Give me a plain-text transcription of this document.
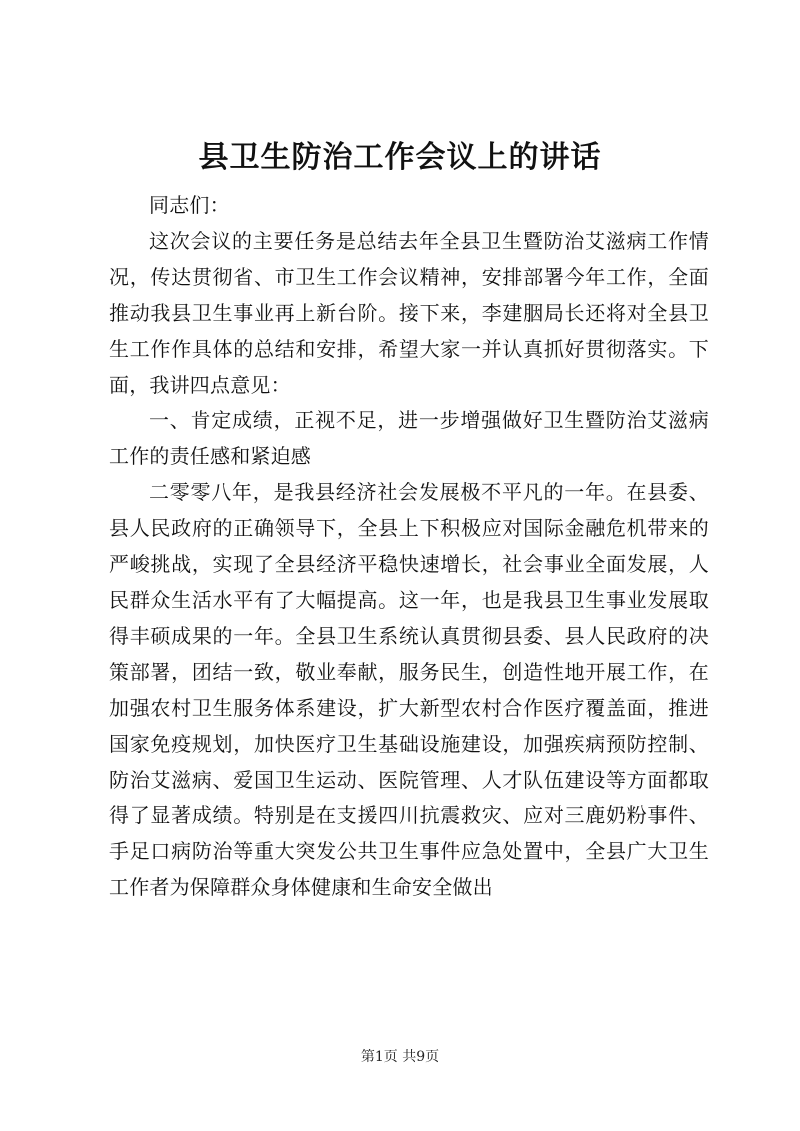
县卫生防治工作会议上的讲话

同志们：

这次会议的主要任务是总结去年全县卫生暨防治艾滋病工作情况，传达贯彻省、市卫生工作会议精神，安排部署今年工作，全面推动我县卫生事业再上新台阶。接下来，李建胭局长还将对全县卫生工作作具体的总结和安排，希望大家一并认真抓好贯彻落实。下面，我讲四点意见：

一、肯定成绩，正视不足，进一步增强做好卫生暨防治艾滋病工作的责任感和紧迫感

二零零八年，是我县经济社会发展极不平凡的一年。在县委、县人民政府的正确领导下，全县上下积极应对国际金融危机带来的严峻挑战，实现了全县经济平稳快速增长，社会事业全面发展，人民群众生活水平有了大幅提高。这一年，也是我县卫生事业发展取得丰硕成果的一年。全县卫生系统认真贯彻县委、县人民政府的决策部署，团结一致，敬业奉献，服务民生，创造性地开展工作，在加强农村卫生服务体系建设，扩大新型农村合作医疗覆盖面，推进国家免疫规划，加快医疗卫生基础设施建设，加强疾病预防控制、防治艾滋病、爱国卫生运动、医院管理、人才队伍建设等方面都取得了显著成绩。特别是在支援四川抗震救灾、应对三鹿奶粉事件、手足口病防治等重大突发公共卫生事件应急处置中，全县广大卫生工作者为保障群众身体健康和生命安全做出

第1页 共9页
